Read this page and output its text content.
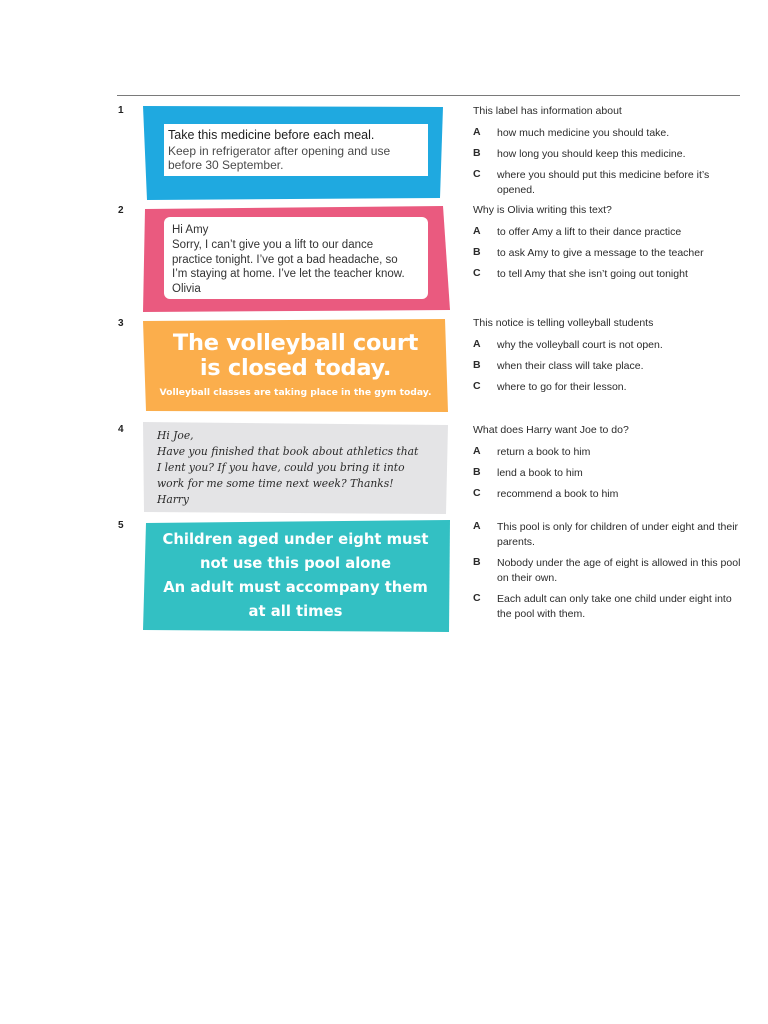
1
Take this medicine before each meal.
Keep in refrigerator after opening and use before 30 September.
This label has information about
A	how much medicine you should take.
B	how long you should keep this medicine.
C	where you should put this medicine before it’s opened.
2
Hi Amy
Sorry, I can’t give you a lift to our dance
practice tonight. I’ve got a bad headache, so
I’m staying at home. I’ve let the teacher know.
Olivia
Why is Olivia writing this text?
A	to offer Amy a lift to their dance practice
B	to ask Amy to give a message to the teacher
C	to tell Amy that she isn’t going out tonight
3
The volleyball court
is closed today.
Volleyball classes are taking place in the gym today.
This notice is telling volleyball students
A	why the volleyball court is not open.
B	when their class will take place.
C	where to go for their lesson.
4	Hi Joe,
Have you finished that book about athletics that
I lent you? If you have, could you bring it into
work for me some time next week? Thanks!
Harry
What does Harry want Joe to do?
A	return a book to him
B	lend a book to him
C	recommend a book to him
5
Children aged under eight must
not use this pool alone
An adult must accompany them
at all times
A	This pool is only for children of under eight and their parents.
B	Nobody under the age of eight is allowed in this pool on their own.
C	Each adult can only take one child under eight into the pool with them.
